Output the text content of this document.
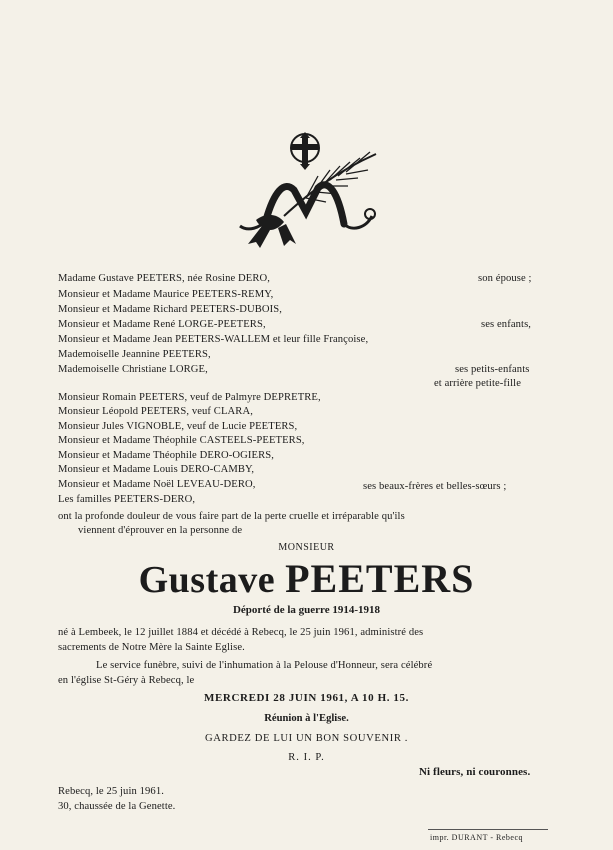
Madame Gustave PEETERS, née Rosine DERO,
Monsieur et Madame Maurice PEETERS-REMY,
Monsieur et Madame Richard PEETERS-DUBOIS,
Monsieur et Madame René LORGE-PEETERS,
Monsieur et Madame Jean PEETERS-WALLEM et leur fille Françoise,
Mademoiselle Jeannine PEETERS,
Mademoiselle Christiane LORGE,
Monsieur Romain PEETERS, veuf de Palmyre DEPRETRE,
Monsieur Léopold PEETERS, veuf CLARA,
Monsieur Jules VIGNOBLE, veuf de Lucie PEETERS,
Monsieur et Madame Théophile CASTEELS-PEETERS,
Monsieur et Madame Théophile DERO-OGIERS,
Monsieur et Madame Louis DERO-CAMBY,
Monsieur et Madame Noël LEVEAU-DERO,
Les familles PEETERS-DERO,
son épouse ;
ses enfants,
ses petits-enfants
et arrière petite-fille
ses beaux-frères et belles-sœurs ;
ont la profonde douleur de vous faire part de la perte cruelle et irréparable qu'ils
viennent d'éprouver en la personne de
MONSIEUR
Gustave PEETERS
Déporté de la guerre 1914-1918
né à Lembeek, le 12 juillet 1884 et décédé à Rebecq, le 25 juin 1961, administré des
sacrements de Notre Mère la Sainte Eglise.
Le service funèbre, suivi de l'inhumation à la Pelouse d'Honneur, sera célébré
en l'église St-Géry à Rebecq, le
MERCREDI 28 JUIN 1961, A 10 H. 15.
Réunion à l'Eglise.
GARDEZ DE LUI UN BON SOUVENIR .
R. I. P.
Ni fleurs, ni couronnes.
Rebecq, le 25 juin 1961.
30, chaussée de la Genette.
impr. DURANT - Rebecq
